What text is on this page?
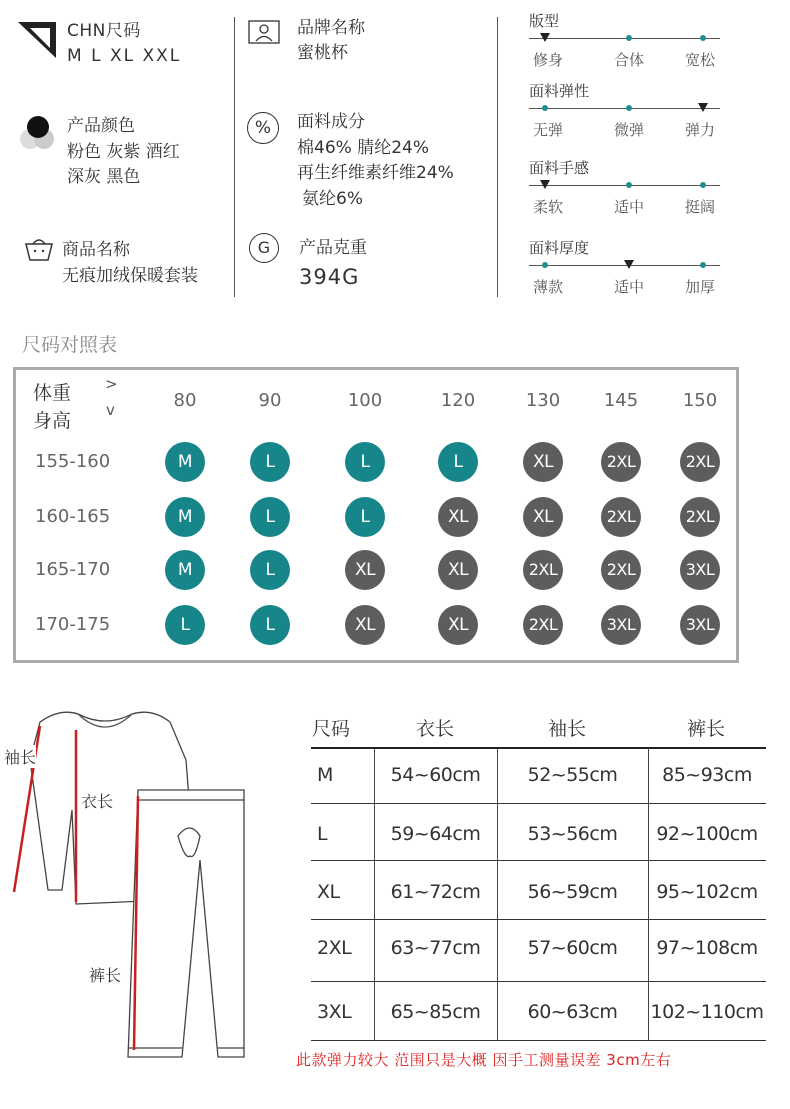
CHN尺码
M L XL XXL
产品颜色
粉色 灰紫 酒红
深灰 黑色
商品名称
无痕加绒保暖套装
品牌名称
蜜桃杯
%	面料成分
棉46% 腈纶24%
再生纤维素纤维24%
氨纶6%
G	产品克重
394G
版型
修身	合体	宽松
面料弹性
无弹	微弹	弹力
面料手感
柔软	适中	挺阔
面料厚度
薄款	适中	加厚
尺码对照表
体重
身高
>
v	80	90	100	120	130	145	150
155-160	M	L	L	L	XL	2XL	2XL
160-165	M	L	L	XL	XL	2XL	2XL
165-170	M	L	XL	XL	2XL	2XL	3XL
170-175	L	L	XL	XL	2XL	3XL	3XL
袖长
衣长
裤长
尺码	衣长	袖长	裤长
M	54~60cm	52~55cm	85~93cm
L	59~64cm	53~56cm	92~100cm
XL	61~72cm	56~59cm	95~102cm
2XL	63~77cm	57~60cm	97~108cm
3XL	65~85cm	60~63cm	102~110cm
此款弹力较大 范围只是大概 因手工测量误差 3cm左右
